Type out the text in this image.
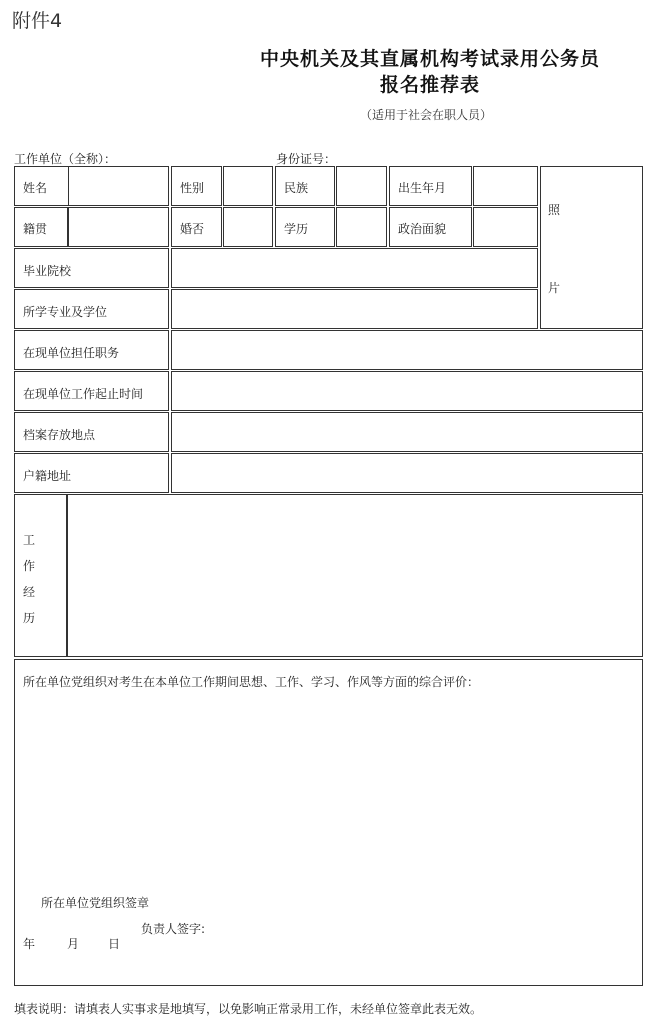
附件4
中央机关及其直属机构考试录用公务员
报名推荐表
（适用于社会在职人员）
工作单位（全称）：	身份证号：
姓名	性别	民族	出生年月
籍贯	婚否	学历	政治面貌
照
片
毕业院校
所学专业及学位
在现单位担任职务
在现单位工作起止时间
档案存放地点
户籍地址
工
作
经
历
所在单位党组织对考生在本单位工作期间思想、工作、学习、作风等方面的综合评价：
所在单位党组织签章
负责人签字:
年	月 日
填表说明：请填表人实事求是地填写，以免影响正常录用工作，未经单位签章此表无效。
